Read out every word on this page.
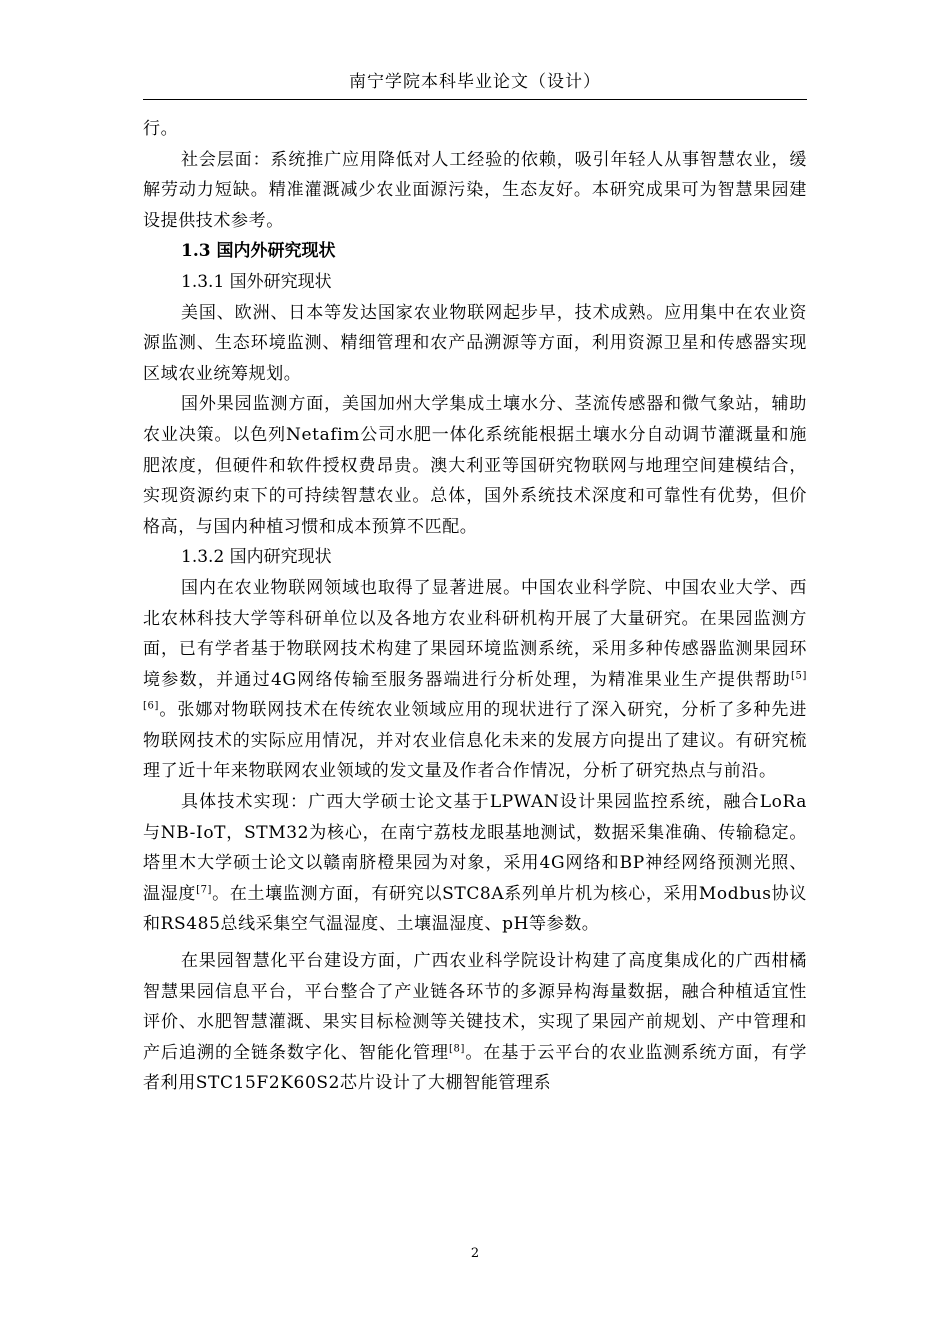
南宁学院本科毕业论文（设计）

行。

社会层面：系统推广应用降低对人工经验的依赖，吸引年轻人从事智慧农业，缓解劳动力短缺。精准灌溉减少农业面源污染，生态友好。本研究成果可为智慧果园建设提供技术参考。

1.3 国内外研究现状

1.3.1 国外研究现状

美国、欧洲、日本等发达国家农业物联网起步早，技术成熟。应用集中在农业资源监测、生态环境监测、精细管理和农产品溯源等方面，利用资源卫星和传感器实现区域农业统筹规划。

国外果园监测方面，美国加州大学集成土壤水分、茎流传感器和微气象站，辅助农业决策。以色列Netafim公司水肥一体化系统能根据土壤水分自动调节灌溉量和施肥浓度，但硬件和软件授权费昂贵。澳大利亚等国研究物联网与地理空间建模结合，实现资源约束下的可持续智慧农业。总体，国外系统技术深度和可靠性有优势，但价格高，与国内种植习惯和成本预算不匹配。

1.3.2 国内研究现状

国内在农业物联网领域也取得了显著进展。中国农业科学院、中国农业大学、西北农林科技大学等科研单位以及各地方农业科研机构开展了大量研究。在果园监测方面，已有学者基于物联网技术构建了果园环境监测系统，采用多种传感器监测果园环境参数，并通过4G网络传输至服务器端进行分析处理，为精准果业生产提供帮助[5][6]。张娜对物联网技术在传统农业领域应用的现状进行了深入研究，分析了多种先进物联网技术的实际应用情况，并对农业信息化未来的发展方向提出了建议。有研究梳理了近十年来物联网农业领域的发文量及作者合作情况，分析了研究热点与前沿。

具体技术实现：广西大学硕士论文基于LPWAN设计果园监控系统，融合LoRa与NB-IoT，STM32为核心，在南宁荔枝龙眼基地测试，数据采集准确、传输稳定。塔里木大学硕士论文以赣南脐橙果园为对象，采用4G网络和BP神经网络预测光照、温湿度[7]。在土壤监测方面，有研究以STC8A系列单片机为核心，采用Modbus协议和RS485总线采集空气温湿度、土壤温湿度、pH等参数。

在果园智慧化平台建设方面，广西农业科学院设计构建了高度集成化的广西柑橘智慧果园信息平台，平台整合了产业链各环节的多源异构海量数据，融合种植适宜性评价、水肥智慧灌溉、果实目标检测等关键技术，实现了果园产前规划、产中管理和产后追溯的全链条数字化、智能化管理[8]。在基于云平台的农业监测系统方面，有学者利用STC15F2K60S2芯片设计了大棚智能管理系

2
